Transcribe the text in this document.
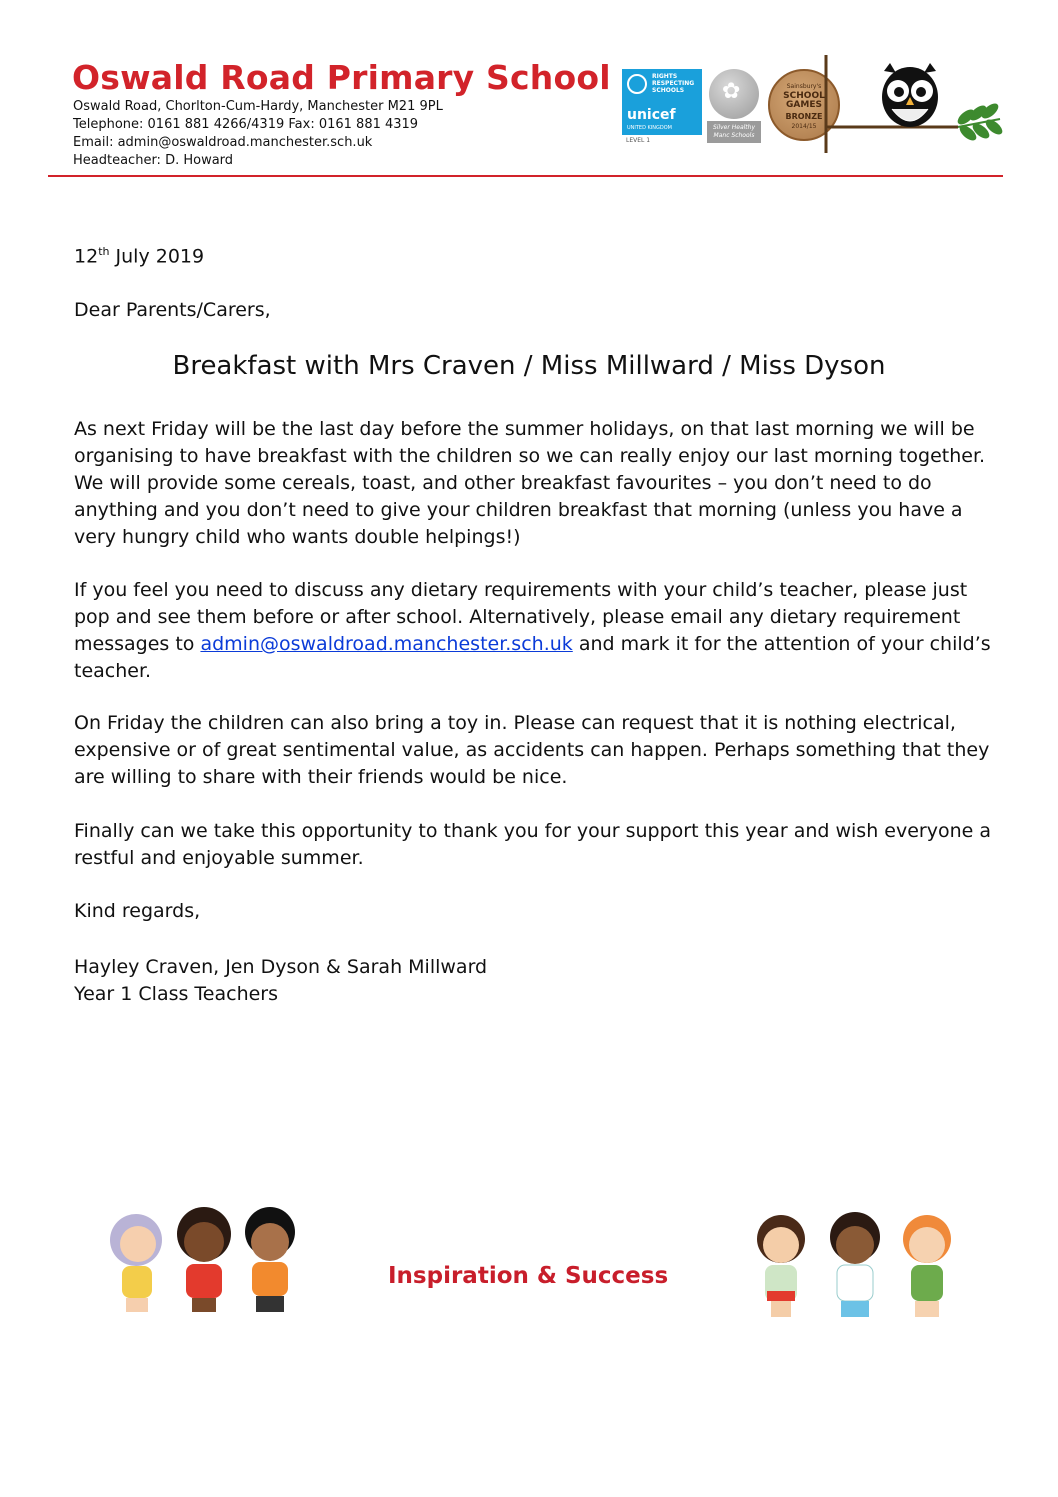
Oswald Road Primary School
Oswald Road, Chorlton-Cum-Hardy, Manchester M21 9PL
Telephone: 0161 881 4266/4319 Fax: 0161 881 4319
Email: admin@oswaldroad.manchester.sch.uk
Headteacher: D. Howard
RIGHTS
RESPECTING
SCHOOLS
unicef
UNITED KINGDOM
LEVEL 1
✿
Silver Healthy
Manc Schools
Sainsbury's
SCHOOL
GAMES
BRONZE
2014/15
12th July 2019
Dear Parents/Carers,
Breakfast with Mrs Craven / Miss Millward / Miss Dyson

As next Friday will be the last day before the summer holidays, on that last morning we will be organising to have breakfast with the children so we can really enjoy our last morning together. We will provide some cereals, toast, and other breakfast favourites – you don’t need to do anything and you don’t need to give your children breakfast that morning (unless you have a very hungry child who wants double helpings!)

If you feel you need to discuss any dietary requirements with your child’s teacher, please just pop and see them before or after school. Alternatively, please email any dietary requirement messages to admin@oswaldroad.manchester.sch.uk and mark it for the attention of your child’s teacher.

On Friday the children can also bring a toy in. Please can request that it is nothing electrical, expensive or of great sentimental value, as accidents can happen. Perhaps something that they are willing to share with their friends would be nice.

Finally can we take this opportunity to thank you for your support this year and wish everyone a restful and enjoyable summer.

Kind regards,
Hayley Craven, Jen Dyson & Sarah Millward
Year 1 Class Teachers
Inspiration & Success
